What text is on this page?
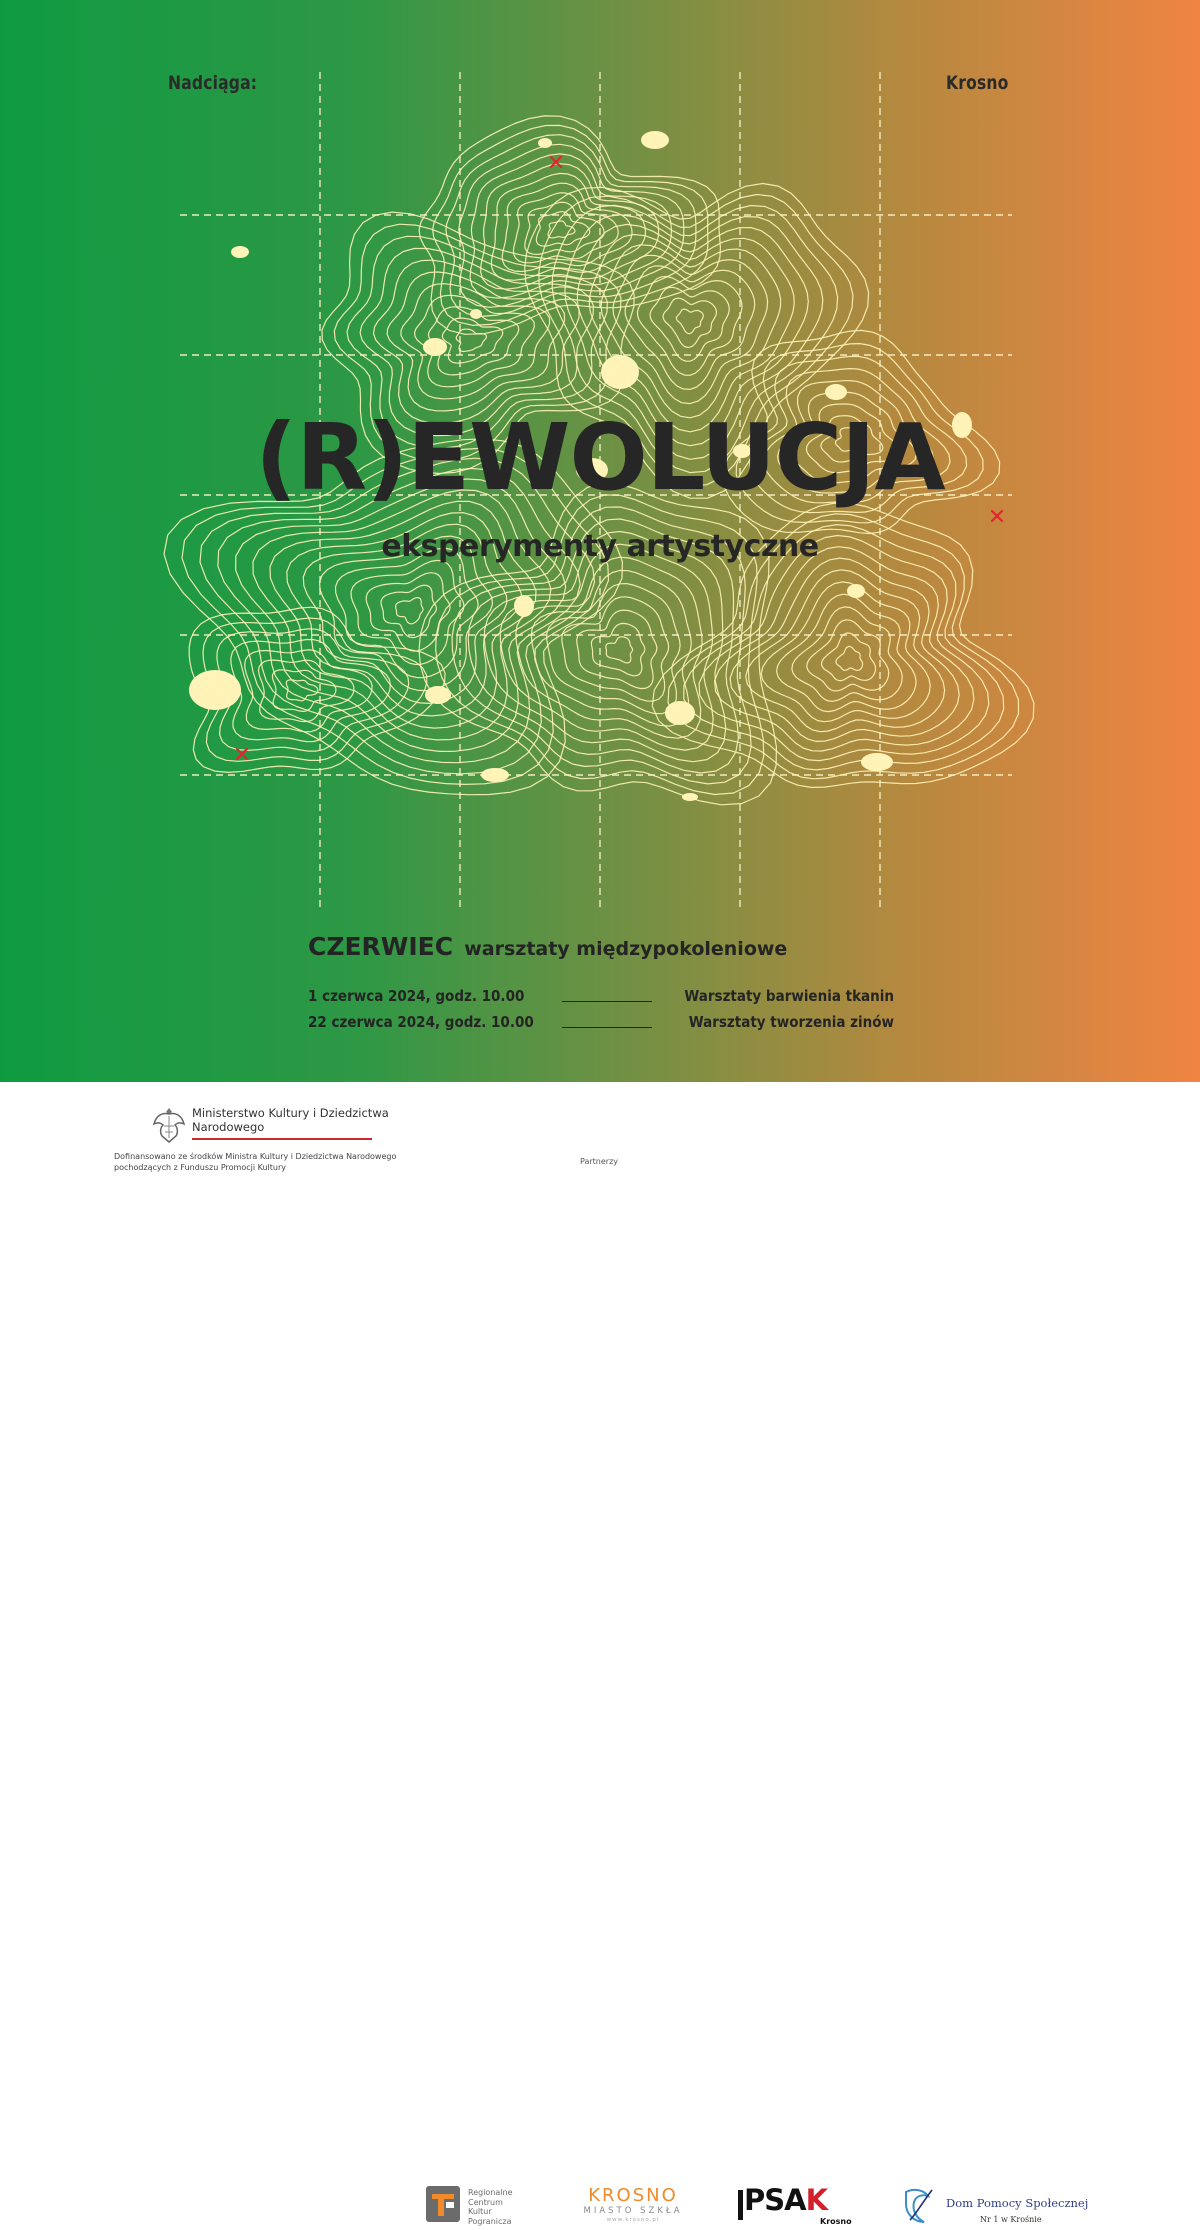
Nadciąga:	Krosno
(R)EWOLUCJA
eksperymenty artystyczne
CZERWIEC warsztaty międzypokoleniowe
1 czerwca 2024, godz. 10.00	Warsztaty barwienia tkanin
22 czerwca 2024, godz. 10.00	Warsztaty tworzenia zinów
Ministerstwo Kultury i Dziedzictwa Narodowego
Regionalne
Centrum
Kultur
Pogranicza
KROSNO
MIASTO SZKŁA
www.krosno.pl
PSAK
Krosno
Dom Pomocy Społecznej
Nr 1 w Krośnie
Dofinansowano ze środków Ministra Kultury i Dziedzictwa Narodowego pochodzących z Funduszu Promocji Kultury
Partnerzy
